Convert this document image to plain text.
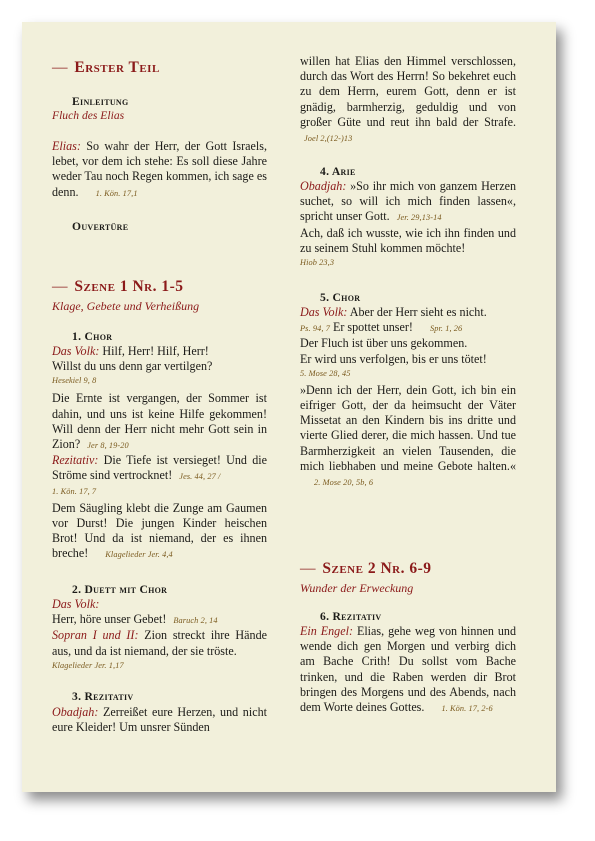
— Erster Teil
Einleitung
Fluch des Elias

Elias: So wahr der Herr, der Gott Israels, lebet, vor dem ich stehe: Es soll diese Jahre weder Tau noch Regen kommen, ich sage es denn. 1. Kön. 17,1

Ouvertüre
— Szene 1 Nr. 1-5
Klage, Gebete und Verheißung
1. Chor

Das Volk: Hilf, Herr! Hilf, Herr!

Willst du uns denn gar vertilgen?

Hesekiel 9, 8

Die Ernte ist vergangen, der Sommer ist dahin, und uns ist keine Hilfe gekommen! Will denn der Herr nicht mehr Gott sein in Zion? Jer 8, 19-20

Rezitativ: Die Tiefe ist versieget! Und die Ströme sind vertrocknet! Jes. 44, 27 /

1. Kön. 17, 7

Dem Säugling klebt die Zunge am Gaumen vor Durst! Die jungen Kinder heischen Brot! Und da ist niemand, der es ihnen breche! Klagelieder Jer. 4,4

2. Duett mit Chor

Das Volk:

Herr, höre unser Gebet! Baruch 2, 14

Sopran I und II: Zion streckt ihre Hände aus, und da ist niemand, der sie tröste.

Klagelieder Jer. 1,17
3. Rezitativ

Obadjah: Zerreißet eure Herzen, und nicht eure Kleider! Um unsrer Sünden

willen hat Elias den Himmel verschlossen, durch das Wort des Herrn! So bekehret euch zu dem Herrn, eurem Gott, denn er ist gnädig, barmherzig, geduldig und von großer Güte und reut ihn bald der Strafe. Joel 2,(12-)13

4. Arie

Obadjah: »So ihr mich von ganzem Herzen suchet, so will ich mich finden lassen«, spricht unser Gott. Jer. 29,13-14

Ach, daß ich wusste, wie ich ihn finden und zu seinem Stuhl kommen möchte!

Hiob 23,3
5. Chor

Das Volk: Aber der Herr sieht es nicht.

Ps. 94, 7 Er spottet unser! Spr. 1, 26

Der Fluch ist über uns gekommen.

Er wird uns verfolgen, bis er uns tötet!

5. Mose 28, 45

»Denn ich der Herr, dein Gott, ich bin ein eifriger Gott, der da heimsucht der Väter Missetat an den Kindern bis ins dritte und vierte Glied derer, die mich hassen. Und tue Barmherzigkeit an vielen Tausenden, die mich liebhaben und meine Gebote halten.« 2. Mose 20, 5b, 6

— Szene 2 Nr. 6-9
Wunder der Erweckung
6. Rezitativ

Ein Engel: Elias, gehe weg von hinnen und wende dich gen Morgen und verbirg dich am Bache Crith! Du sollst vom Bache trinken, und die Raben werden dir Brot bringen des Morgens und des Abends, nach dem Worte deines Gottes. 1. Kön. 17, 2-6
